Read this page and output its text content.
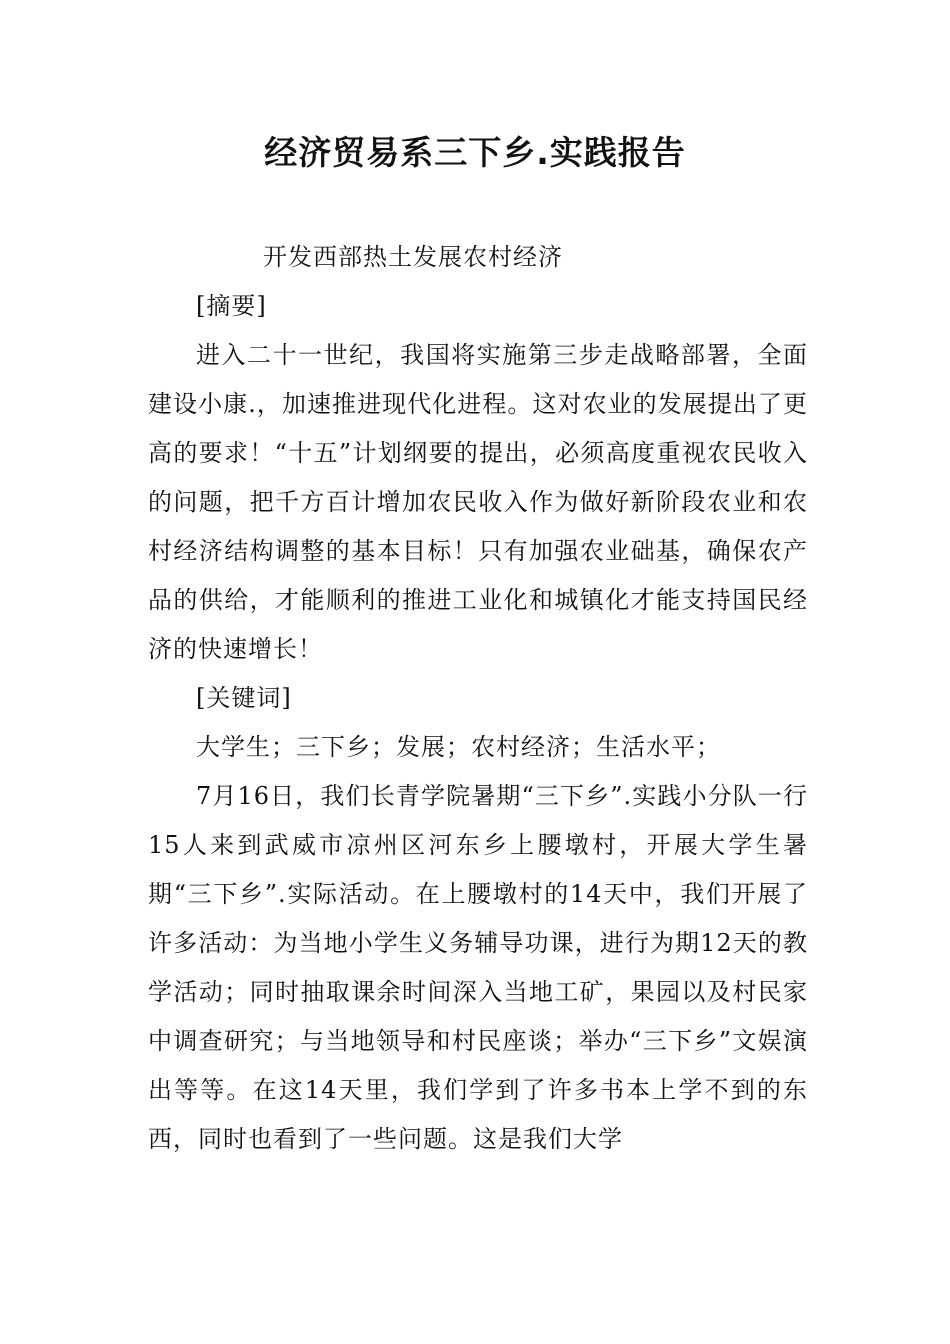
经济贸易系三下乡.实践报告

开发西部热土发展农村经济

[摘要]

进入二十一世纪，我国将实施第三步走战略部署，全面建设小康.，加速推进现代化进程。这对农业的发展提出了更高的要求！“十五”计划纲要的提出，必须高度重视农民收入的问题，把千方百计增加农民收入作为做好新阶段农业和农村经济结构调整的基本目标！只有加强农业础基，确保农产品的供给，才能顺利的推进工业化和城镇化才能支持国民经济的快速增长！

[关键词]

大学生；三下乡；发展；农村经济；生活水平；

7月16日，我们长青学院暑期“三下乡”.实践小分队一行15人来到武威市凉州区河东乡上腰墩村，开展大学生暑期“三下乡”.实际活动。在上腰墩村的14天中，我们开展了许多活动：为当地小学生义务辅导功课，进行为期12天的教学活动；同时抽取课余时间深入当地工矿，果园以及村民家中调查研究；与当地领导和村民座谈；举办“三下乡”文娱演出等等。在这14天里，我们学到了许多书本上学不到的东西，同时也看到了一些问题。这是我们大学
